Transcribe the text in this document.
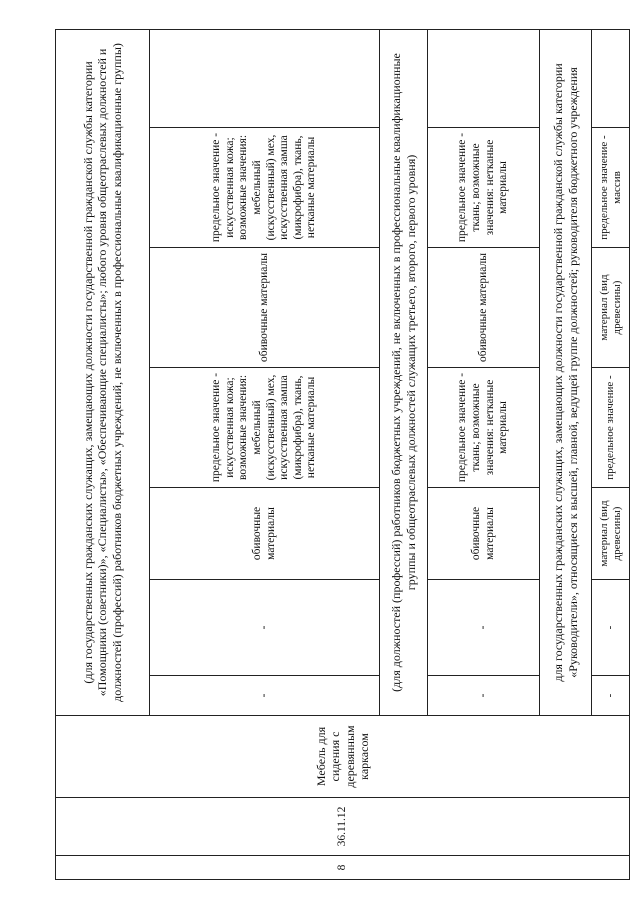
8	36.11.12	Мебель для сидения с деревянным каркасом	(для государственных гражданских служащих, замещающих должности государственной гражданской службы категории «Помощники (советники)», «Специалисты», «Обеспечивающие специалисты»; любого уровня общеотраслевых должностей и должностей (профессий) работников бюджетных учреждений, не включенных в профессиональные квалификационные группы)						
			-	-	обивочные материалы	предельное значение - искусственная кожа; возможные значения: мебельный (искусственный) мех, искусственная замша (микрофибра), ткань, нетканые материалы	обивочные материалы	предельное значение - искусственная кожа; возможные значения: мебельный (искусственный) мех, искусственная замша (микрофибра), ткань, нетканые материалы	
			(для должностей (профессий) работников бюджетных учреждений, не включенных в профессиональные квалификационные группы и общеотраслевых должностей служащих третьего, второго, первого уровня)						
			-	-	обивочные материалы	предельное значение - ткань; возможные значения: нетканые материалы	обивочные материалы	предельное значение - ткань; возможные значения: нетканые материалы	
			для государственных гражданских служащих, замещающих должности государственной гражданской службы категории «Руководители», относящиеся к высшей, главной, ведущей группе должностей; руководителя бюджетного учреждения						
			-	-	материал (вид древесины)	предельное значение -	материал (вид древесины)	предельное значение - массив	
